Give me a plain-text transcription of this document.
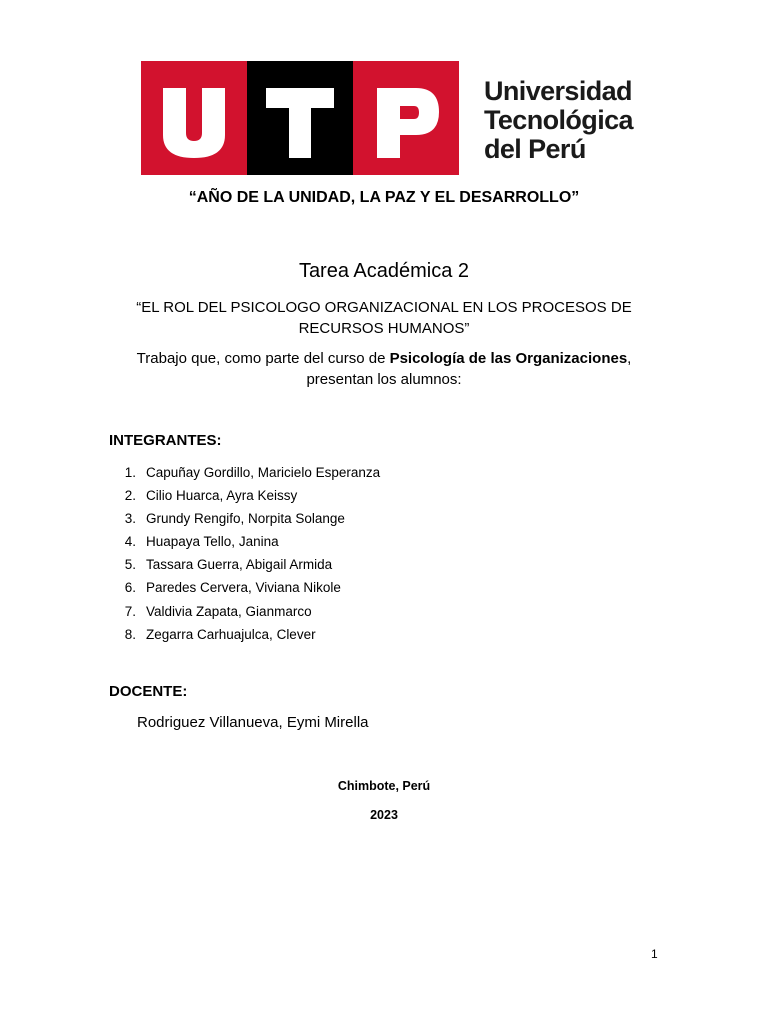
Universidad
Tecnológica
del Perú
“AÑO DE LA UNIDAD, LA PAZ Y EL DESARROLLO”
Tarea Académica 2
“EL ROL DEL PSICOLOGO ORGANIZACIONAL EN LOS PROCESOS DE
RECURSOS HUMANOS”
Trabajo que, como parte del curso de Psicología de las Organizaciones,
presentan los alumnos:
INTEGRANTES:
1. Capuñay Gordillo, Maricielo Esperanza
2. Cilio Huarca, Ayra Keissy
3. Grundy Rengifo, Norpita Solange
4. Huapaya Tello, Janina
5. Tassara Guerra, Abigail Armida
6. Paredes Cervera, Viviana Nikole
7. Valdivia Zapata, Gianmarco
8. Zegarra Carhuajulca, Clever
DOCENTE:
Rodriguez Villanueva, Eymi Mirella
Chimbote, Perú
2023
1
